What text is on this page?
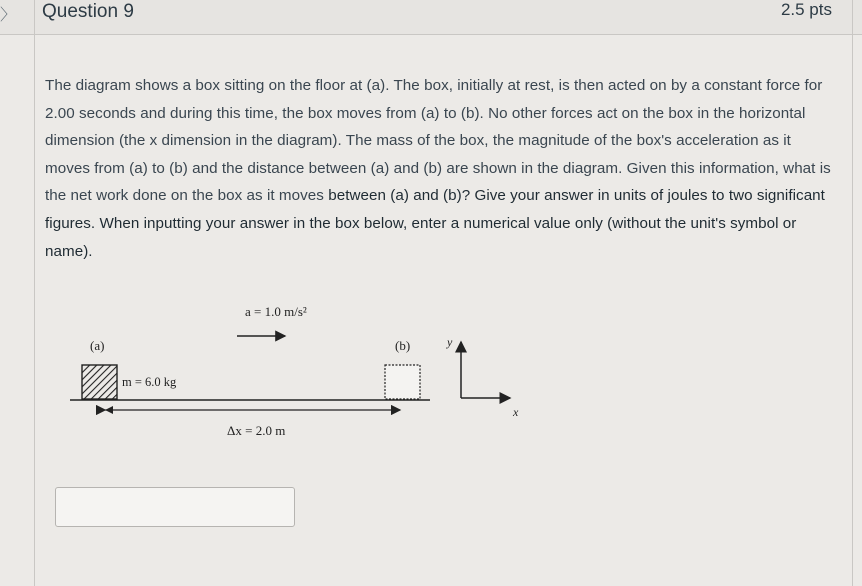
〉 Question 9	2.5 pts
The diagram shows a box sitting on the floor at (a). The box, initially at rest, is then acted on by a constant force for 2.00 seconds and during this time, the box moves from (a) to (b). No other forces act on the box in the horizontal dimension (the x dimension in the diagram). The mass of the box, the magnitude of the box's acceleration as it moves from (a) to (b) and the distance between (a) and (b) are shown in the diagram. Given this information, what is the net work done on the box as it moves between (a) and (b)? Give your answer in units of joules to two significant figures. When inputting your answer in the box below, enter a numerical value only (without the unit's symbol or name).
a = 1.0 m/s²
(a)	(b)
m = 6.0 kg
Δx = 2.0 m
y
x
